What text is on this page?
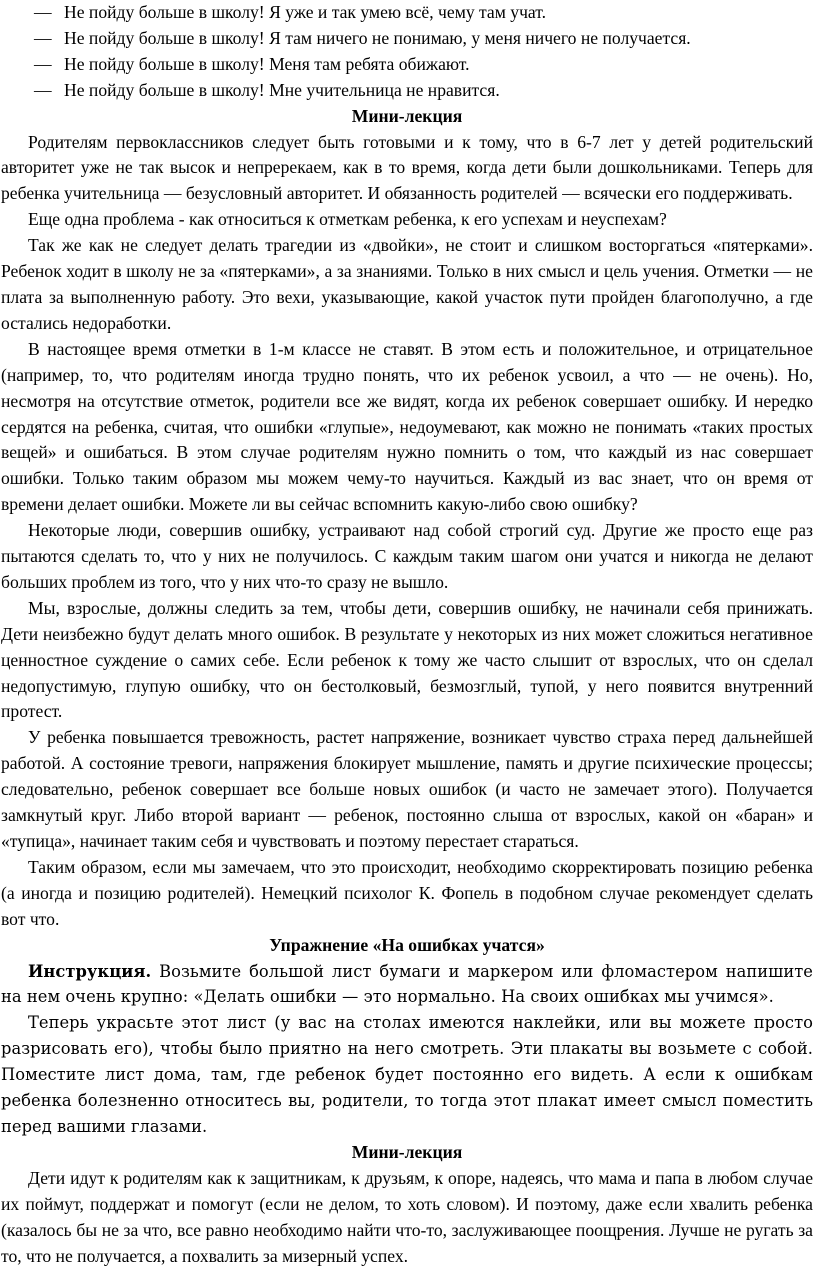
— Не пойду больше в школу! Я уже и так умею всё, чему там учат.
— Не пойду больше в школу! Я там ничего не понимаю, у меня ничего не получается.
— Не пойду больше в школу! Меня там ребята обижают.
— Не пойду больше в школу! Мне учительница не нравится.
Мини-лекция

Родителям первоклассников следует быть готовыми и к тому, что в 6-7 лет у детей родительский авторитет уже не так высок и непререкаем, как в то время, когда дети были дошкольниками. Теперь для ребенка учительница — безусловный авторитет. И обязанность родителей — всячески его поддерживать.

Еще одна проблема - как относиться к отметкам ребенка, к его успехам и неуспехам?

Так же как не следует делать трагедии из «двойки», не стоит и слишком восторгаться «пятерками». Ребенок ходит в школу не за «пятерками», а за знаниями. Только в них смысл и цель учения. Отметки — не плата за выполненную работу. Это вехи, указывающие, какой участок пути пройден благополучно, а где остались недоработки.

В настоящее время отметки в 1-м классе не ставят. В этом есть и положительное, и отрицательное (например, то, что родителям иногда трудно понять, что их ребенок усвоил, а что — не очень). Но, несмотря на отсутствие отметок, родители все же видят, когда их ребенок совершает ошибку. И нередко сердятся на ребенка, считая, что ошибки «глупые», недоумевают, как можно не понимать «таких простых вещей» и ошибаться. В этом случае родителям нужно помнить о том, что каждый из нас совершает ошибки. Только таким образом мы можем чему-то научиться. Каждый из вас знает, что он время от времени делает ошибки. Можете ли вы сейчас вспомнить какую-либо свою ошибку?

Некоторые люди, совершив ошибку, устраивают над собой строгий суд. Другие же просто еще раз пытаются сделать то, что у них не получилось. С каждым таким шагом они учатся и никогда не делают больших проблем из того, что у них что-то сразу не вышло.

Мы, взрослые, должны следить за тем, чтобы дети, совершив ошибку, не начинали себя принижать. Дети неизбежно будут делать много ошибок. В результате у некоторых из них может сложиться негативное ценностное суждение о самих себе. Если ребенок к тому же часто слышит от взрослых, что он сделал недопустимую, глупую ошибку, что он бестолковый, безмозглый, тупой, у него появится внутренний протест.

У ребенка повышается тревожность, растет напряжение, возникает чувство страха перед дальнейшей работой. А состояние тревоги, напряжения блокирует мышление, память и другие психические процессы; следовательно, ребенок совершает все больше новых ошибок (и часто не замечает этого). Получается замкнутый круг. Либо второй вариант — ребенок, постоянно слыша от взрослых, какой он «баран» и «тупица», начинает таким себя и чувствовать и поэтому перестает стараться.

Таким образом, если мы замечаем, что это происходит, необходимо скорректировать позицию ребенка (а иногда и позицию родителей). Немецкий психолог К. Фопель в подобном случае рекомендует сделать вот что.

Упражнение «На ошибках учатся»

Инструкция. Возьмите большой лист бумаги и маркером или фломастером напишите на нем очень крупно: «Делать ошибки — это нормально. На своих ошибках мы учимся».

Теперь украсьте этот лист (у вас на столах имеются наклейки, или вы можете просто разрисовать его), чтобы было приятно на него смотреть. Эти плакаты вы возьмете с собой. Поместите лист дома, там, где ребенок будет постоянно его видеть. А если к ошибкам ребенка болезненно относитесь вы, родители, то тогда этот плакат имеет смысл поместить перед вашими глазами.

Мини-лекция

Дети идут к родителям как к защитникам, к друзьям, к опоре, надеясь, что мама и папа в любом случае их поймут, поддержат и помогут (если не делом, то хоть словом). И поэтому, даже если хвалить ребенка (казалось бы не за что, все равно необходимо найти что-то, заслуживающее поощрения. Лучше не ругать за то, что не получается, а похвалить за мизерный успех.
